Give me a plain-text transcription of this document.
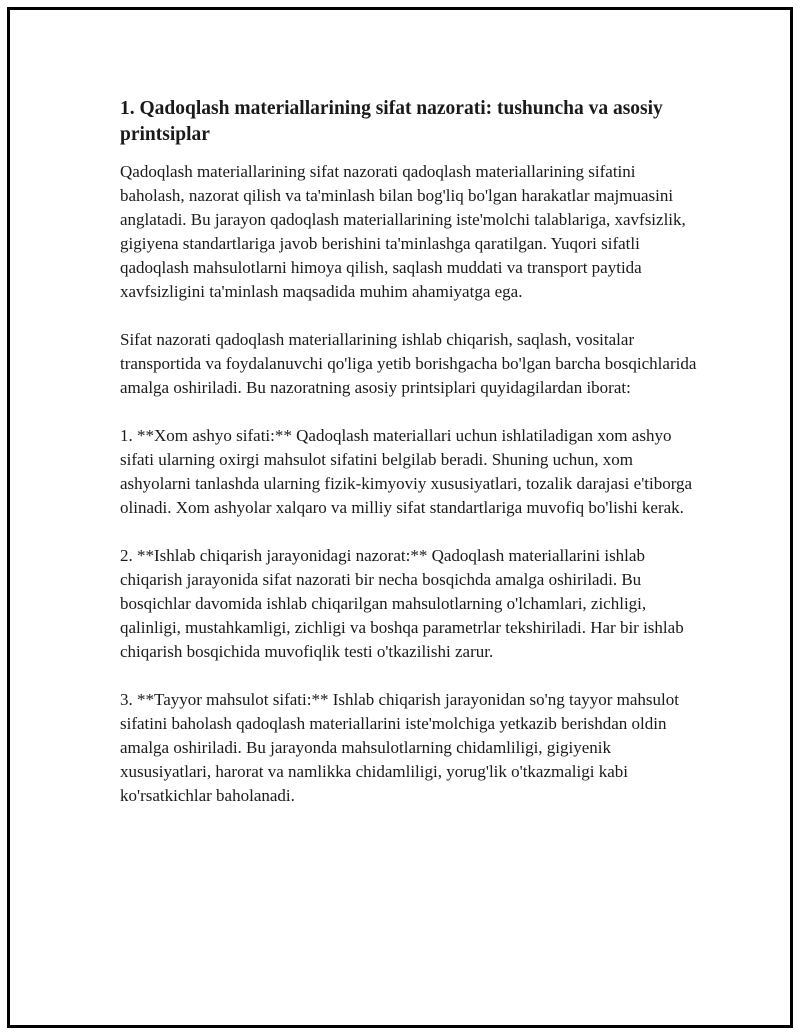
1. Qadoqlash materiallarining sifat nazorati: tushuncha va asosiy printsiplar

Qadoqlash materiallarining sifat nazorati qadoqlash materiallarining sifatini baholash, nazorat qilish va ta'minlash bilan bog'liq bo'lgan harakatlar majmuasini anglatadi. Bu jarayon qadoqlash materiallarining iste'molchi talablariga, xavfsizlik, gigiyena standartlariga javob berishini ta'minlashga qaratilgan. Yuqori sifatli qadoqlash mahsulotlarni himoya qilish, saqlash muddati va transport paytida xavfsizligini ta'minlash maqsadida muhim ahamiyatga ega.

Sifat nazorati qadoqlash materiallarining ishlab chiqarish, saqlash, vositalar transportida va foydalanuvchi qo'liga yetib borishgacha bo'lgan barcha bosqichlarida amalga oshiriladi. Bu nazoratning asosiy printsiplari quyidagilardan iborat:

1. **Xom ashyo sifati:** Qadoqlash materiallari uchun ishlatiladigan xom ashyo sifati ularning oxirgi mahsulot sifatini belgilab beradi. Shuning uchun, xom ashyolarni tanlashda ularning fizik-kimyoviy xususiyatlari, tozalik darajasi e'tiborga olinadi. Xom ashyolar xalqaro va milliy sifat standartlariga muvofiq bo'lishi kerak.

2. **Ishlab chiqarish jarayonidagi nazorat:** Qadoqlash materiallarini ishlab chiqarish jarayonida sifat nazorati bir necha bosqichda amalga oshiriladi. Bu bosqichlar davomida ishlab chiqarilgan mahsulotlarning o'lchamlari, zichligi, qalinligi, mustahkamligi, zichligi va boshqa parametrlar tekshiriladi. Har bir ishlab chiqarish bosqichida muvofiqlik testi o'tkazilishi zarur.

3. **Tayyor mahsulot sifati:** Ishlab chiqarish jarayonidan so'ng tayyor mahsulot sifatini baholash qadoqlash materiallarini iste'molchiga yetkazib berishdan oldin amalga oshiriladi. Bu jarayonda mahsulotlarning chidamliligi, gigiyenik xususiyatlari, harorat va namlikka chidamliligi, yorug'lik o'tkazmaligi kabi ko'rsatkichlar baholanadi.
